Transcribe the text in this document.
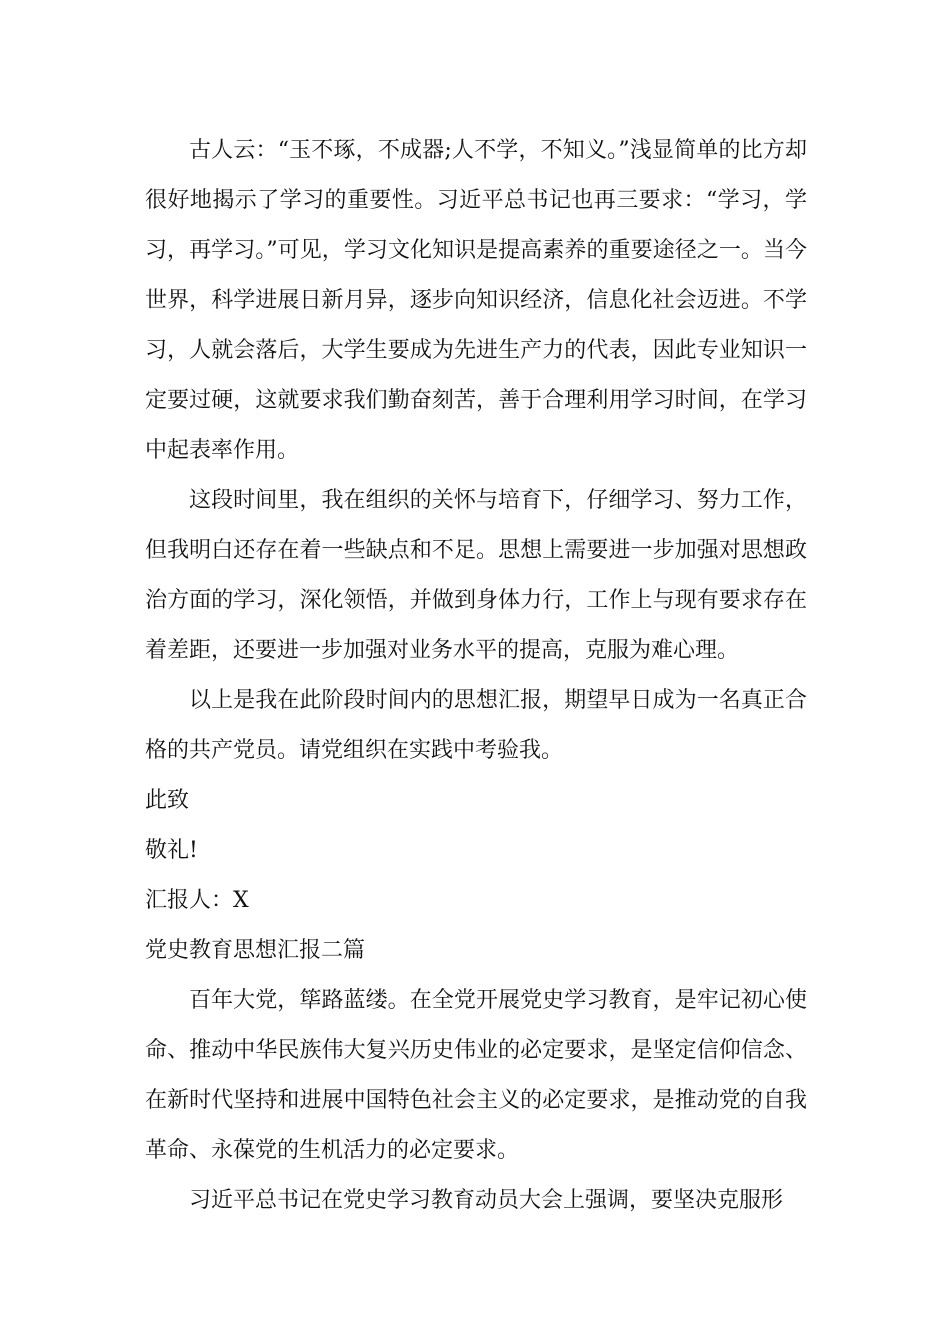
古人云：“玉不琢，不成器;人不学，不知义。”浅显简单的比方却很好地揭示了学习的重要性。习近平总书记也再三要求：“学习，学习，再学习。”可见，学习文化知识是提高素养的重要途径之一。当今世界，科学进展日新月异，逐步向知识经济，信息化社会迈进。不学习，人就会落后，大学生要成为先进生产力的代表，因此专业知识一定要过硬，这就要求我们勤奋刻苦，善于合理利用学习时间，在学习中起表率作用。

这段时间里，我在组织的关怀与培育下，仔细学习、努力工作，但我明白还存在着一些缺点和不足。思想上需要进一步加强对思想政治方面的学习，深化领悟，并做到身体力行，工作上与现有要求存在着差距，还要进一步加强对业务水平的提高，克服为难心理。

以上是我在此阶段时间内的思想汇报，期望早日成为一名真正合格的共产党员。请党组织在实践中考验我。

此致

敬礼!

汇报人：X

党史教育思想汇报二篇

百年大党，筚路蓝缕。在全党开展党史学习教育，是牢记初心使命、推动中华民族伟大复兴历史伟业的必定要求，是坚定信仰信念、在新时代坚持和进展中国特色社会主义的必定要求，是推动党的自我革命、永葆党的生机活力的必定要求。

习近平总书记在党史学习教育动员大会上强调，要坚决克服形
